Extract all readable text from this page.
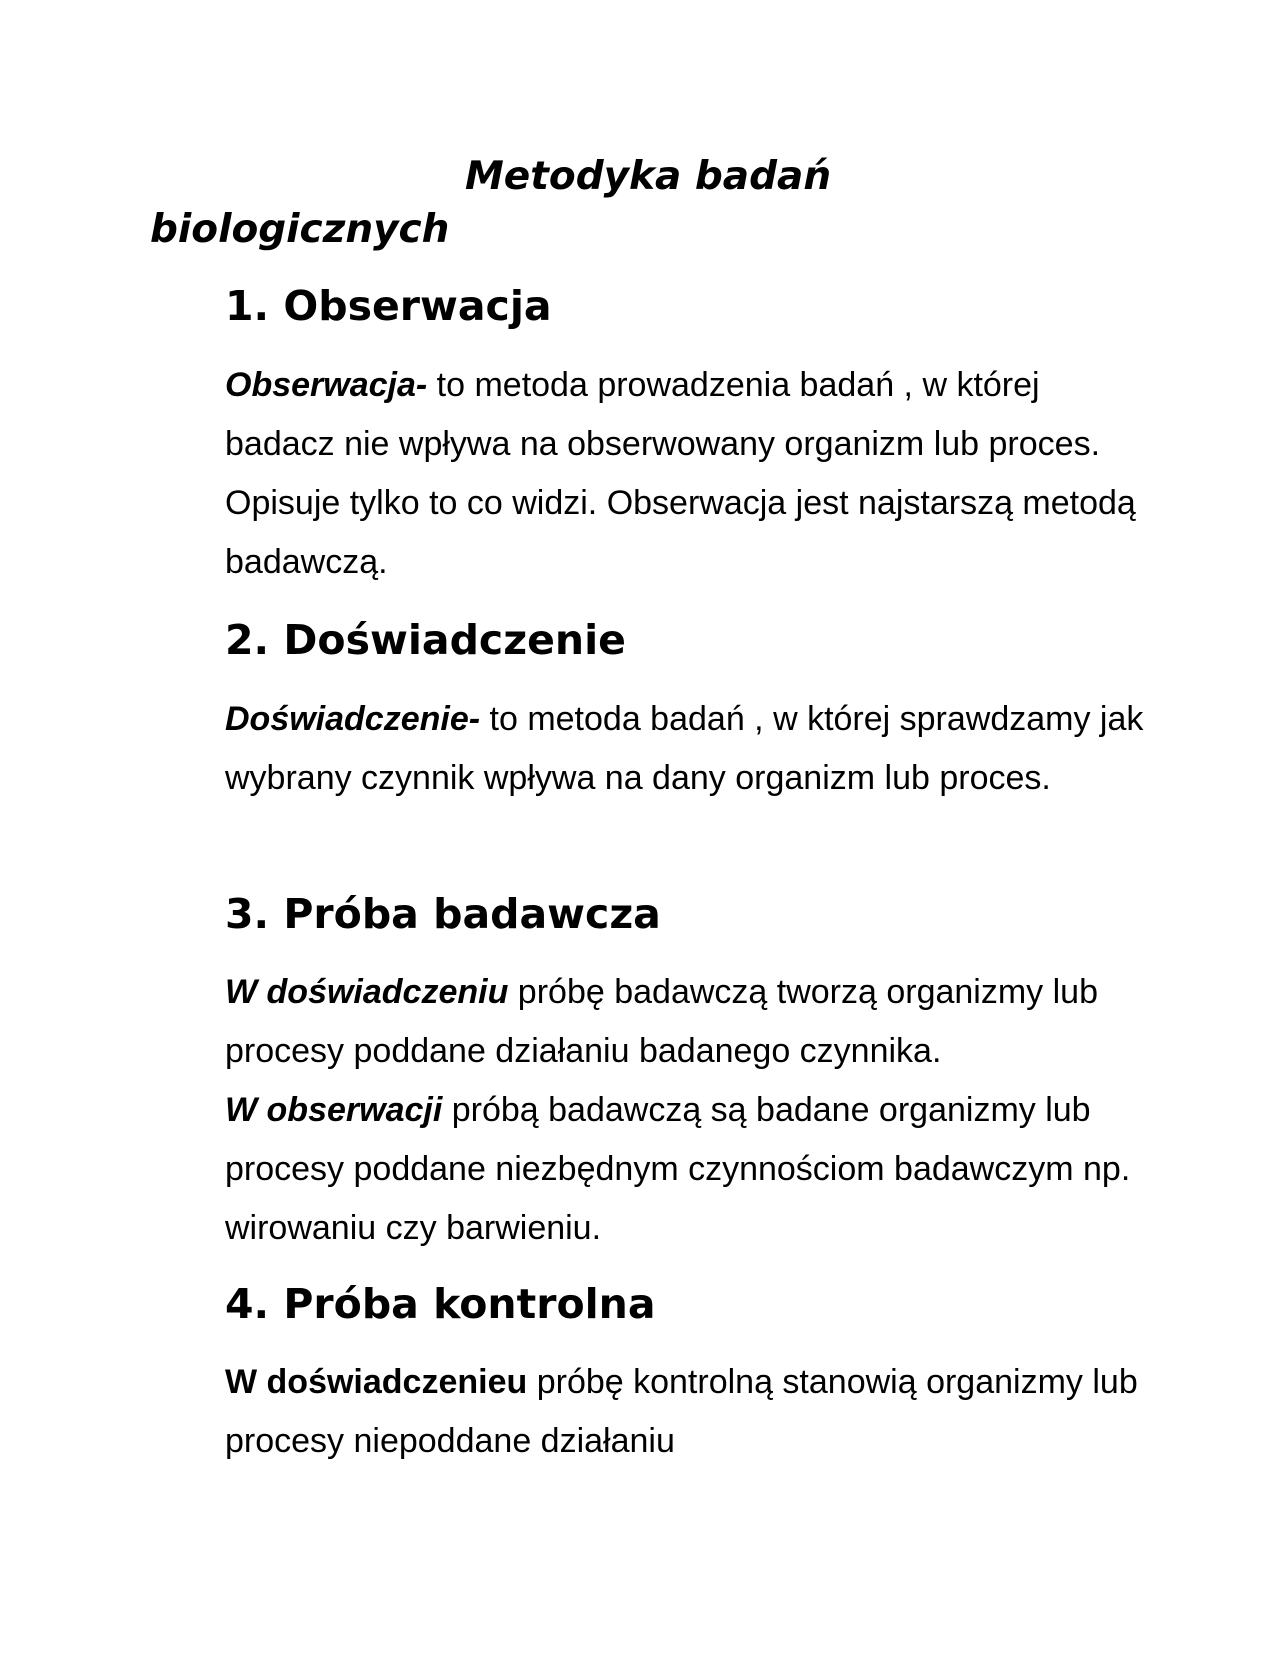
Metodyka badań biologicznych
1. Obserwacja

Obserwacja- to metoda prowadzenia badań , w której badacz nie wpływa na obserwowany organizm lub proces. Opisuje tylko to co widzi. Obserwacja jest najstarszą metodą badawczą.

2. Doświadczenie

Doświadczenie- to metoda badań , w której sprawdzamy jak wybrany czynnik wpływa na dany organizm lub proces.

3. Próba badawcza

W doświadczeniu próbę badawczą tworzą organizmy lub procesy poddane działaniu badanego czynnika.

W obserwacji próbą badawczą są badane organizmy lub procesy poddane niezbędnym czynnościom badawczym np. wirowaniu czy barwieniu.

4. Próba kontrolna

W doświadczenieu próbę kontrolną stanowią organizmy lub procesy niepoddane działaniu
